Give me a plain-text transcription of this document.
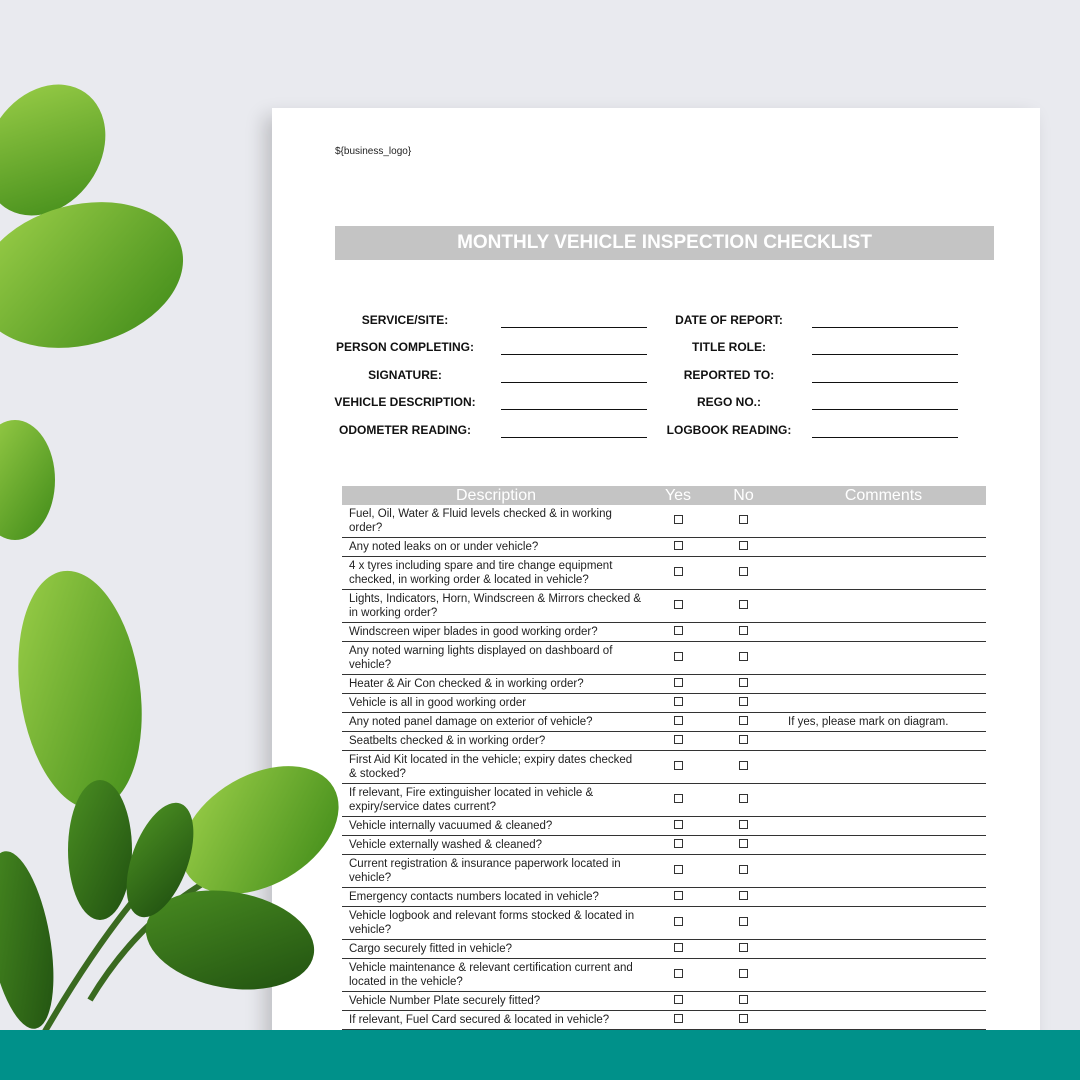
${business_logo}
MONTHLY VEHICLE INSPECTION CHECKLIST
SERVICE/SITE:
PERSON COMPLETING:
SIGNATURE:
VEHICLE DESCRIPTION:
ODOMETER READING:
DATE OF REPORT:
TITLE ROLE:
REPORTED TO:
REGO NO.:
LOGBOOK READING:
Description	Yes	No	Comments
Fuel, Oil, Water & Fluid levels checked & in working order?			
Any noted leaks on or under vehicle?			
4 x tyres including spare and tire change equipment checked, in working order & located in vehicle?			
Lights, Indicators, Horn, Windscreen & Mirrors checked & in working order?			
Windscreen wiper blades in good working order?			
Any noted warning lights displayed on dashboard of vehicle?			
Heater & Air Con checked & in working order?			
Vehicle is all in good working order			
Any noted panel damage on exterior of vehicle?			If yes, please mark on diagram.
Seatbelts checked & in working order?			
First Aid Kit located in the vehicle; expiry dates checked & stocked?			
If relevant, Fire extinguisher located in vehicle & expiry/service dates current?			
Vehicle internally vacuumed & cleaned?			
Vehicle externally washed & cleaned?			
Current registration & insurance paperwork located in vehicle?			
Emergency contacts numbers located in vehicle?			
Vehicle logbook and relevant forms stocked & located in vehicle?			
Cargo securely fitted in vehicle?			
Vehicle maintenance & relevant certification current and located in the vehicle?			
Vehicle Number Plate securely fitted?			
If relevant, Fuel Card secured & located in vehicle?			
